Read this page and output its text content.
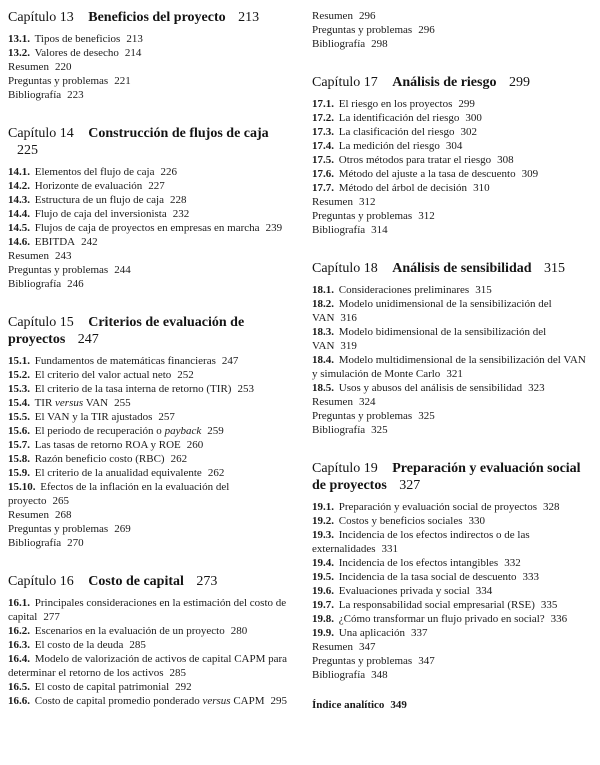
Capítulo 13 Beneficios del proyecto 213
13.1. Tipos de beneficios 213
13.2. Valores de desecho 214
Resumen 220
Preguntas y problemas 221
Bibliografía 223
Capítulo 14 Construcción de flujos de caja 225
14.1. Elementos del flujo de caja 226
14.2. Horizonte de evaluación 227
14.3. Estructura de un flujo de caja 228
14.4. Flujo de caja del inversionista 232
14.5. Flujos de caja de proyectos en empresas en marcha 239
14.6. EBITDA 242
Resumen 243
Preguntas y problemas 244
Bibliografía 246
Capítulo 15 Criterios de evaluación de proyectos 247
15.1. Fundamentos de matemáticas financieras 247
15.2. El criterio del valor actual neto 252
15.3. El criterio de la tasa interna de retorno (TIR) 253
15.4. TIR versus VAN 255
15.5. El VAN y la TIR ajustados 257
15.6. El periodo de recuperación o payback 259
15.7. Las tasas de retorno ROA y ROE 260
15.8. Razón beneficio costo (RBC) 262
15.9. El criterio de la anualidad equivalente 262
15.10. Efectos de la inflación en la evaluación del proyecto 265
Resumen 268
Preguntas y problemas 269
Bibliografía 270
Capítulo 16 Costo de capital 273
16.1. Principales consideraciones en la estimación del costo de capital 277
16.2. Escenarios en la evaluación de un proyecto 280
16.3. El costo de la deuda 285
16.4. Modelo de valorización de activos de capital CAPM para determinar el retorno de los activos 285
16.5. El costo de capital patrimonial 292
16.6. Costo de capital promedio ponderado versus CAPM 295
Resumen 296
Preguntas y problemas 296
Bibliografía 298
Capítulo 17 Análisis de riesgo 299
17.1. El riesgo en los proyectos 299
17.2. La identificación del riesgo 300
17.3. La clasificación del riesgo 302
17.4. La medición del riesgo 304
17.5. Otros métodos para tratar el riesgo 308
17.6. Método del ajuste a la tasa de descuento 309
17.7. Método del árbol de decisión 310
Resumen 312
Preguntas y problemas 312
Bibliografía 314
Capítulo 18 Análisis de sensibilidad 315
18.1. Consideraciones preliminares 315
18.2. Modelo unidimensional de la sensibilización del VAN 316
18.3. Modelo bidimensional de la sensibilización del VAN 319
18.4. Modelo multidimensional de la sensibilización del VAN y simulación de Monte Carlo 321
18.5. Usos y abusos del análisis de sensibilidad 323
Resumen 324
Preguntas y problemas 325
Bibliografía 325
Capítulo 19 Preparación y evaluación social de proyectos 327
19.1. Preparación y evaluación social de proyectos 328
19.2. Costos y beneficios sociales 330
19.3. Incidencia de los efectos indirectos o de las externalidades 331
19.4. Incidencia de los efectos intangibles 332
19.5. Incidencia de la tasa social de descuento 333
19.6. Evaluaciones privada y social 334
19.7. La responsabilidad social empresarial (RSE) 335
19.8. ¿Cómo transformar un flujo privado en social? 336
19.9. Una aplicación 337
Resumen 347
Preguntas y problemas 347
Bibliografía 348
Índice analítico 349
